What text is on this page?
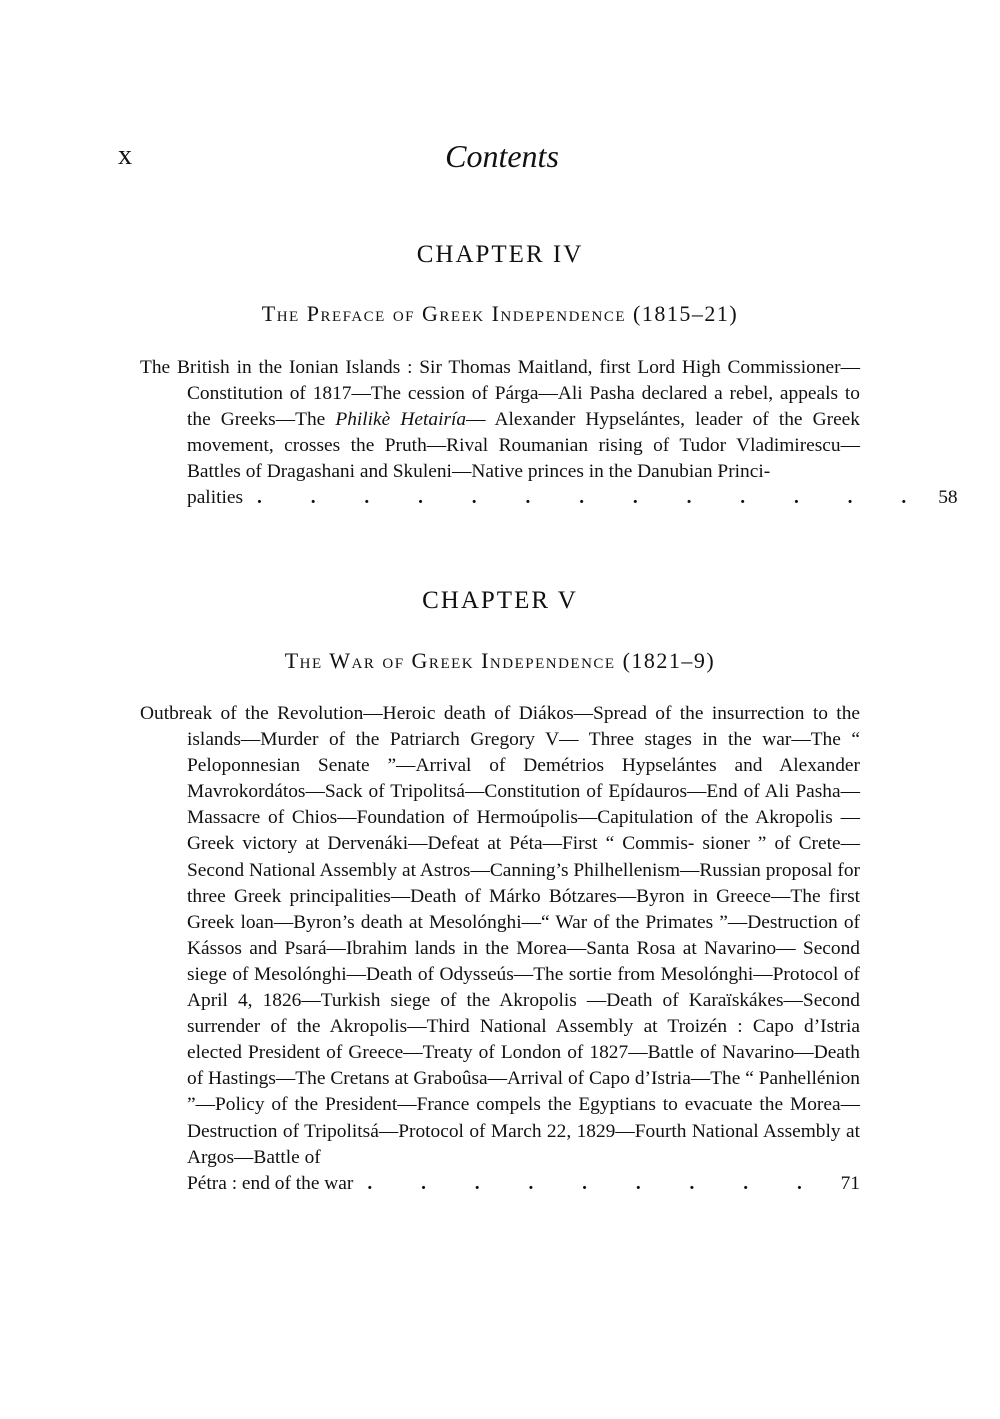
x	Contents
CHAPTER IV
The Preface of Greek Independence (1815–21)

The British in the Ionian Islands : Sir Thomas Maitland, first Lord High Commissioner—Constitution of 1817—The cession of Párga—Ali Pasha declared a rebel, appeals to the Greeks—The Philikè Hetairía— Alexander Hypselántes, leader of the Greek movement, crosses the Pruth—Rival Roumanian rising of Tudor Vladimirescu—Battles of Dragashani and Skuleni—Native princes in the Danubian Princi-

palities . . . . . . . . . . . . . 58
CHAPTER V
The War of Greek Independence (1821–9)

Outbreak of the Revolution—Heroic death of Diákos—Spread of the insurrection to the islands—Murder of the Patriarch Gregory V— Three stages in the war—The “ Peloponnesian Senate ”—Arrival of Demétrios Hypselántes and Alexander Mavrokordátos—Sack of Tripolitsá—Constitution of Epídauros—End of Ali Pasha—Massacre of Chios—Foundation of Hermoúpolis—Capitulation of the Akropolis —Greek victory at Dervenáki—Defeat at Péta—First “ Commis- sioner ” of Crete—Second National Assembly at Astros—Canning’s Philhellenism—Russian proposal for three Greek principalities—Death of Márko Bótzares—Byron in Greece—The first Greek loan—Byron’s death at Mesolónghi—“ War of the Primates ”—Destruction of Kássos and Psará—Ibrahim lands in the Morea—Santa Rosa at Navarino— Second siege of Mesolónghi—Death of Odysseús—The sortie from Mesolónghi—Protocol of April 4, 1826—Turkish siege of the Akropolis —Death of Karaïskákes—Second surrender of the Akropolis—Third National Assembly at Troizén : Capo d’Istria elected President of Greece—Treaty of London of 1827—Battle of Navarino—Death of Hastings—The Cretans at Graboûsa—Arrival of Capo d’Istria—The “ Panhellénion ”—Policy of the President—France compels the Egyptians to evacuate the Morea—Destruction of Tripolitsá—Protocol of March 22, 1829—Fourth National Assembly at Argos—Battle of

Pétra : end of the war . . . . . . . . . 71
